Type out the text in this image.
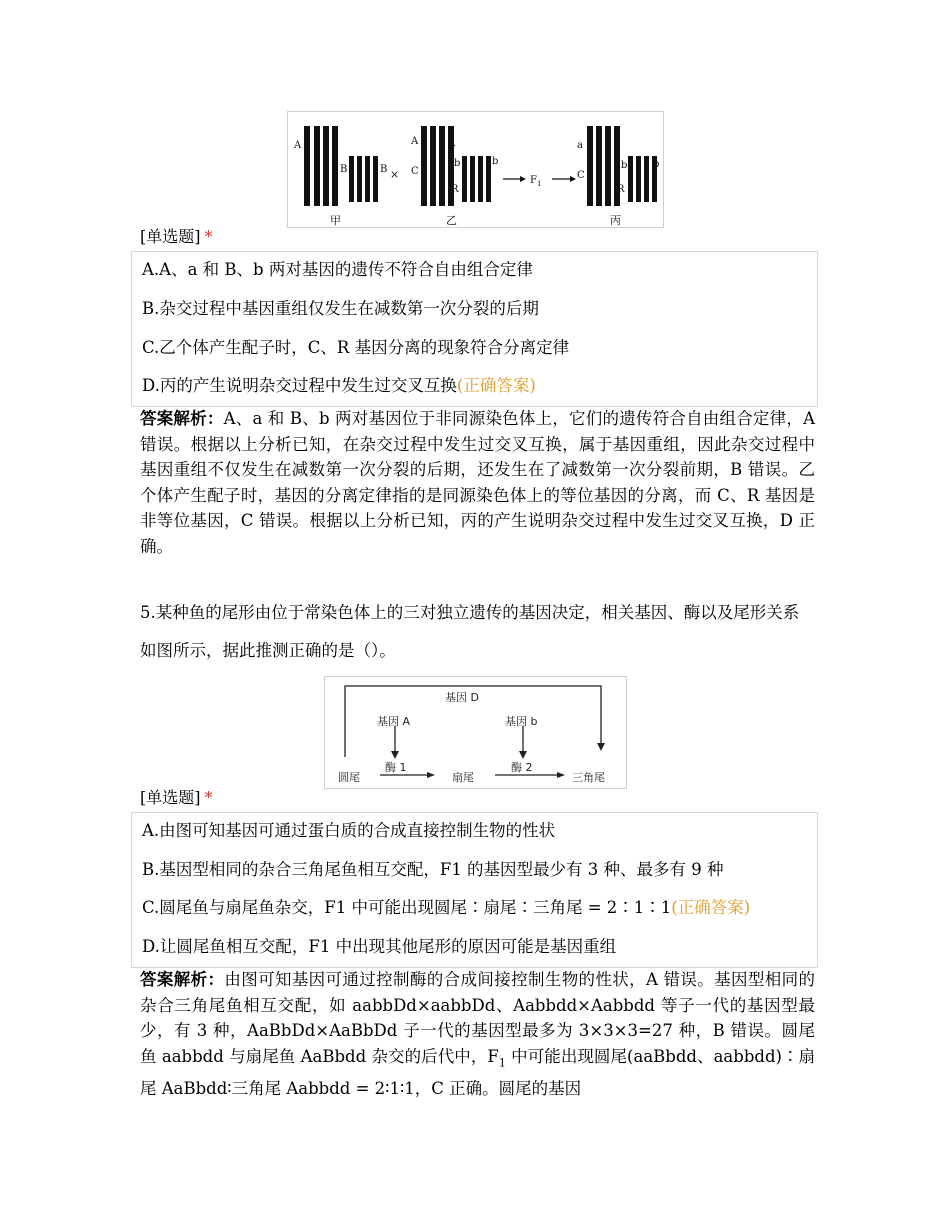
A	a
B	B ×
A	A
C
b
R
b
$F_1$
a	a
C
b
R
b
甲	乙	丙
[单选题] *
A.A、a 和 B、b 两对基因的遗传不符合自由组合定律
B.杂交过程中基因重组仅发生在减数第一次分裂的后期
C.乙个体产生配子时，C、R 基因分离的现象符合分离定律
D.丙的产生说明杂交过程中发生过交叉互换(正确答案)
答案解析：A、a 和 B、b 两对基因位于非同源染色体上，它们的遗传符合自由组合定律，A 错误。根据以上分析已知，在杂交过程中发生过交叉互换，属于基因重组，因此杂交过程中基因重组不仅发生在减数第一次分裂的后期，还发生在了减数第一次分裂前期，B 错误。乙个体产生配子时，基因的分离定律指的是同源染色体上的等位基因的分离，而 C、R 基因是非等位基因，C 错误。根据以上分析已知，丙的产生说明杂交过程中发生过交叉互换，D 正确。
5.某种鱼的尾形由位于常染色体上的三对独立遗传的基因决定，相关基因、酶以及尾形关系如图所示，据此推测正确的是（）。
基因 D
基因 A	基因 b
酶 1	酶 2
圆尾	扇尾	三角尾
[单选题] *
A.由图可知基因可通过蛋白质的合成直接控制生物的性状
B.基因型相同的杂合三角尾鱼相互交配，F1 的基因型最少有 3 种、最多有 9 种
C.圆尾鱼与扇尾鱼杂交，F1 中可能出现圆尾∶扇尾∶三角尾 = 2∶1∶1(正确答案)
D.让圆尾鱼相互交配，F1 中出现其他尾形的原因可能是基因重组
答案解析：由图可知基因可通过控制酶的合成间接控制生物的性状，A 错误。基因型相同的杂合三角尾鱼相互交配，如 aabbDd×aabbDd、Aabbdd×Aabbdd 等子一代的基因型最少，有 3 种，AaBbDd×AaBbDd 子一代的基因型最多为 3×3×3=27 种，B 错误。圆尾鱼 aabbdd 与扇尾鱼 AaBbdd 杂交的后代中，$F_1$ 中可能出现圆尾(aaBbdd、aabbdd)∶扇尾 AaBbdd∶三角尾 Aabbdd = 2∶1∶1，C 正确。圆尾的基因
